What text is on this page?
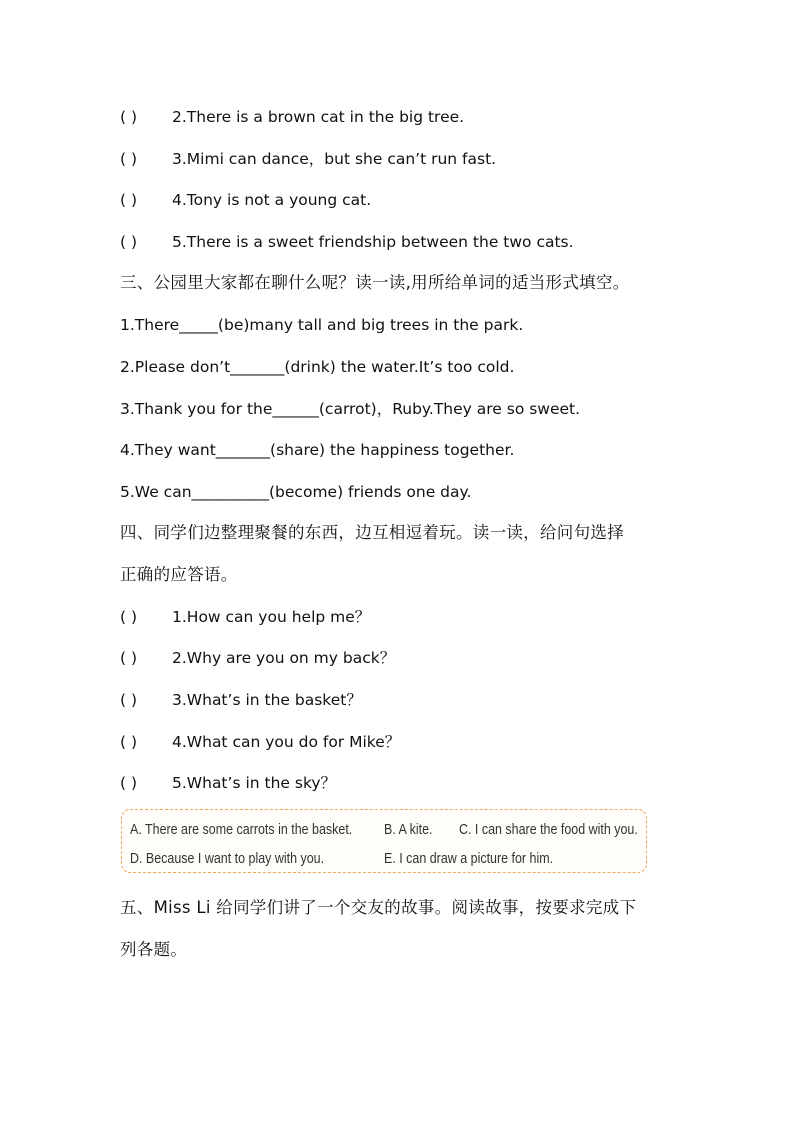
( ) 2.There is a brown cat in the big tree.

( ) 3.Mimi can dance，but she can’t run fast.

( ) 4.Tony is not a young cat.

( ) 5.There is a sweet friendship between the two cats.

三、公园里大家都在聊什么呢？读一读,用所给单词的适当形式填空。

1.There_____(be)many tall and big trees in the park.

2.Please don’t_______(drink) the water.It’s too cold.

3.Thank you for the______(carrot)，Ruby.They are so sweet.

4.They want_______(share) the happiness together.

5.We can__________(become) friends one day.

四、同学们边整理聚餐的东西，边互相逗着玩。读一读，给问句选择

正确的应答语。

( ) 1.How can you help me？

( ) 2.Why are you on my back？

( ) 3.What’s in the basket？

( ) 4.What can you do for Mike？

( ) 5.What’s in the sky？

A. There are some carrots in the basket. B. A kite. C. I can share the food with you.

D. Because I want to play with you.	E. I can draw a picture for him.

五、Miss Li 给同学们讲了一个交友的故事。阅读故事，按要求完成下

列各题。
